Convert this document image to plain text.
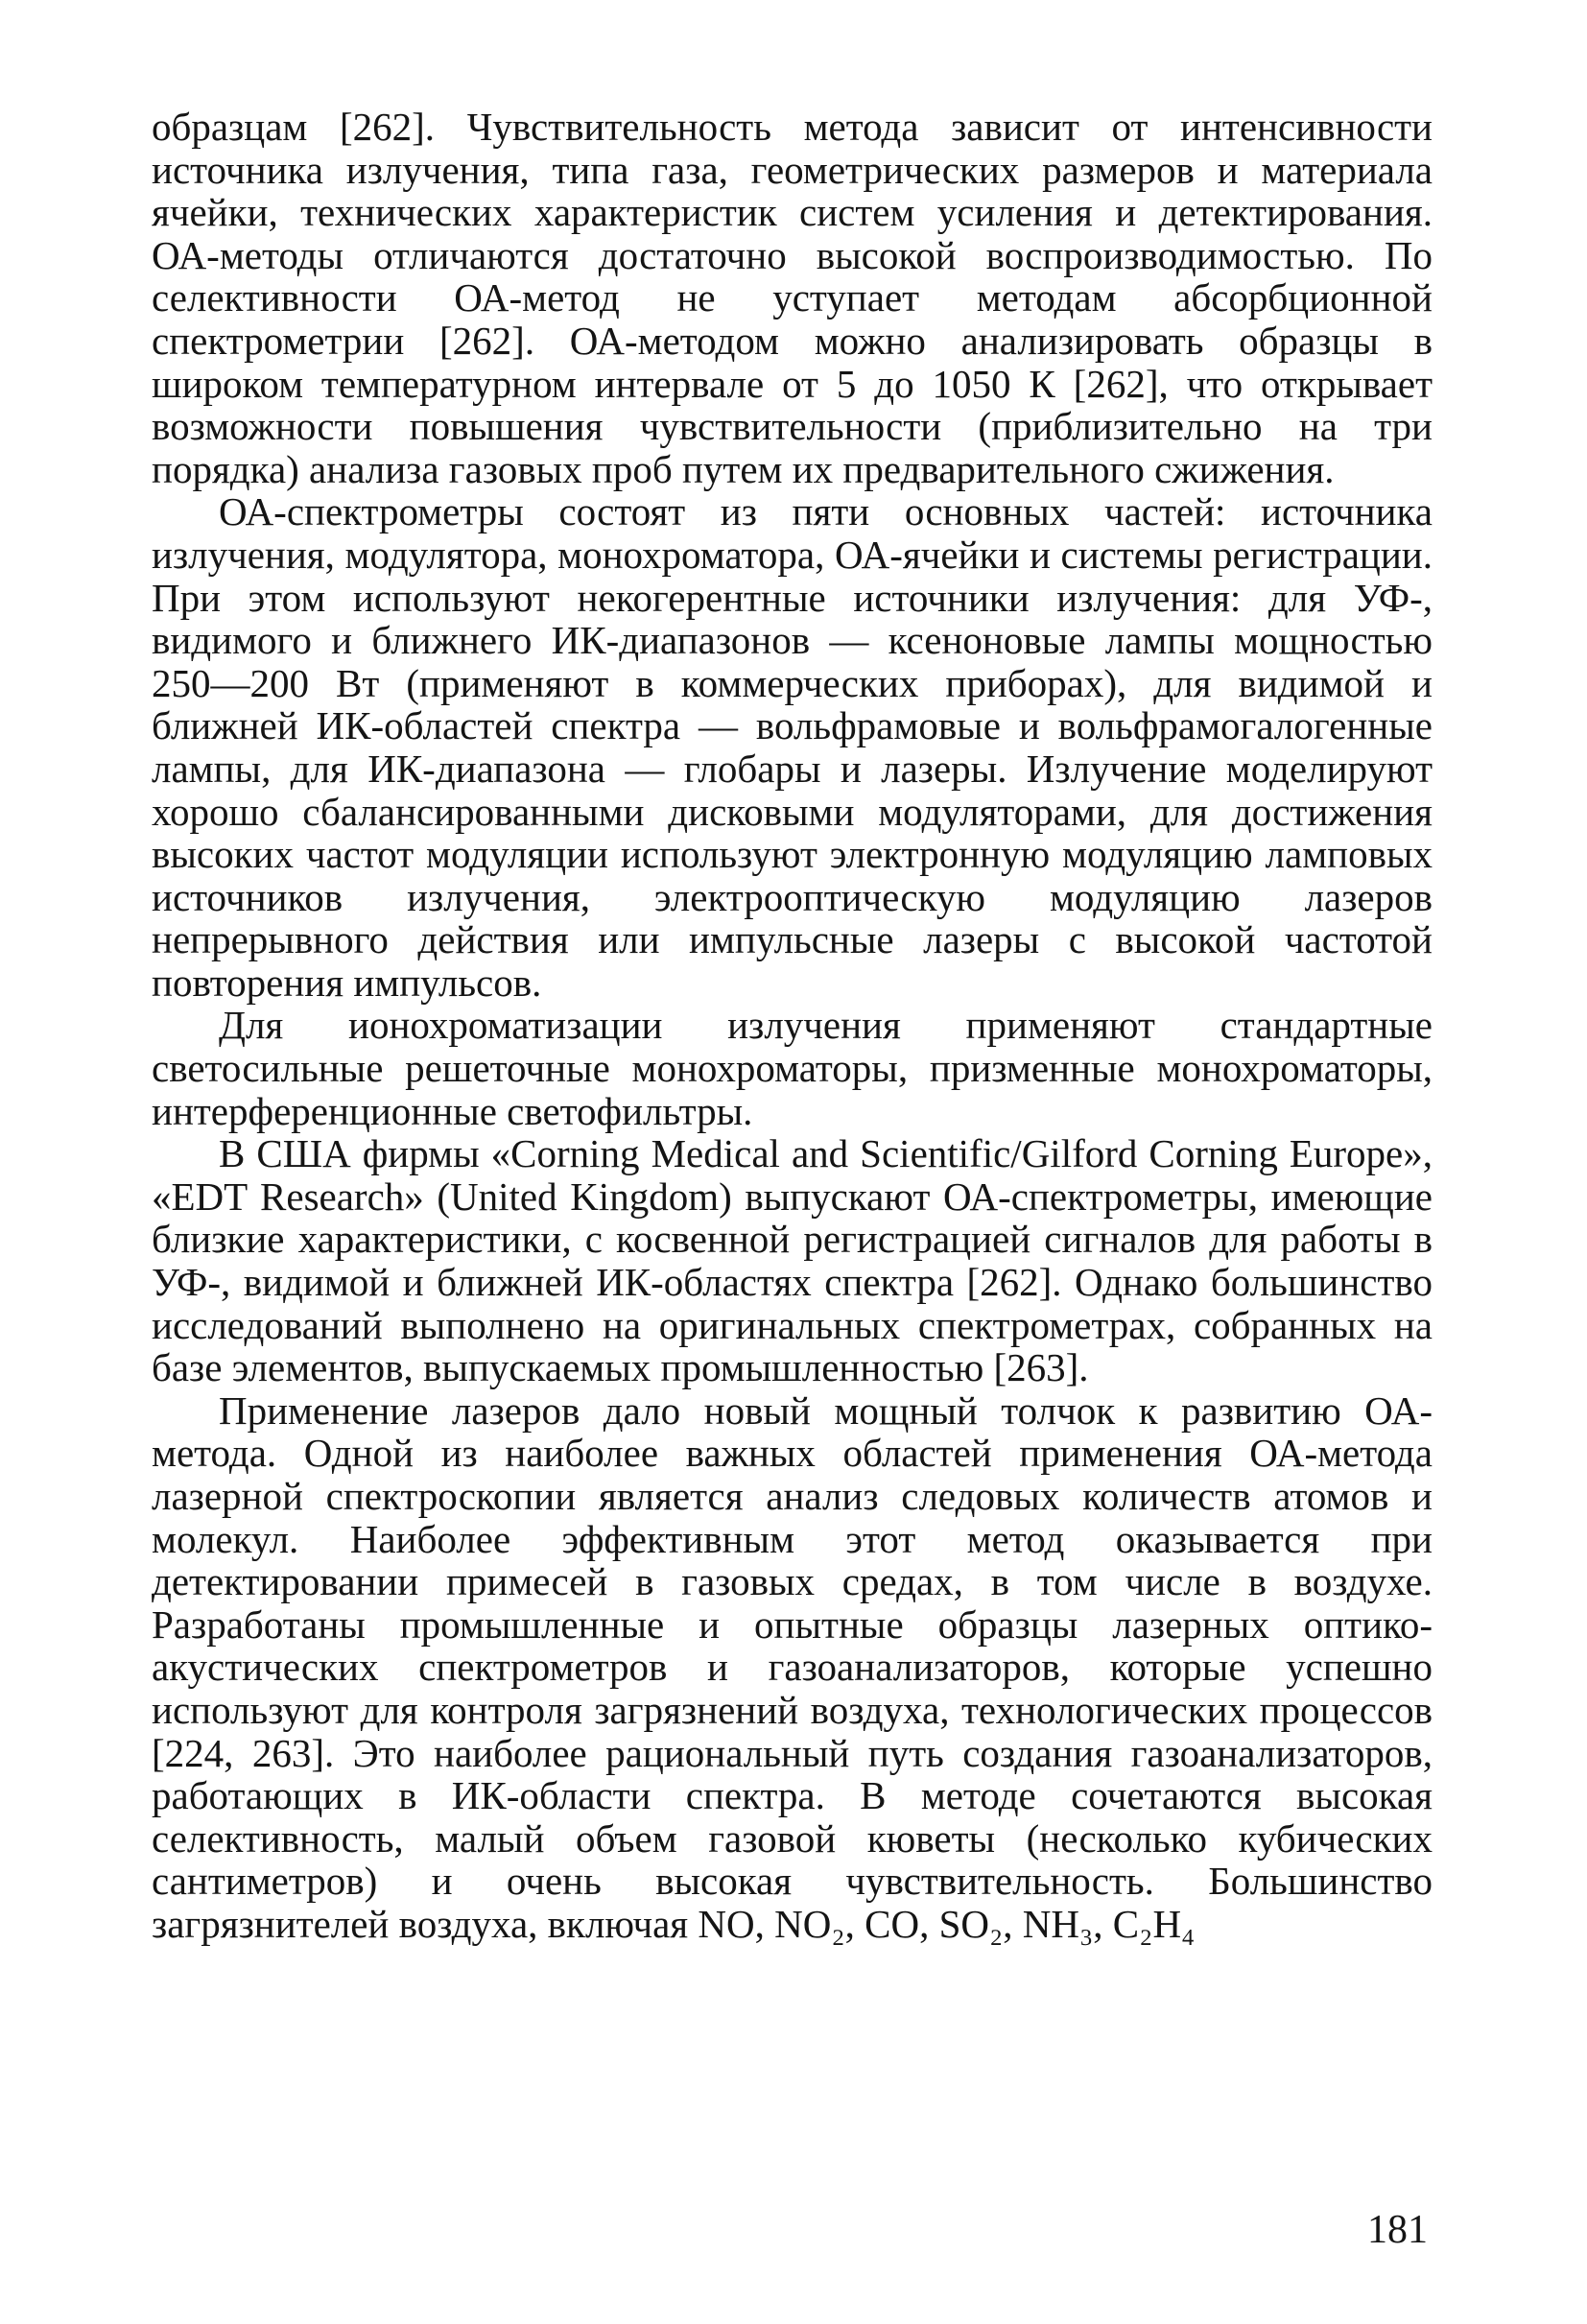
образцам [262]. Чувствительность метода зависит от интенсивности источника излучения, типа газа, геометрических размеров и материала ячейки, технических характеристик систем усиления и детектирования. ОА-методы отличаются достаточно высокой воспроизводимостью. По селективности ОА-метод не уступает методам абсорбционной спектрометрии [262]. ОА-методом можно анализировать образцы в широком температурном интервале от 5 до 1050 К [262], что открывает возможности повышения чувствительности (приблизительно на три порядка) анализа газовых проб путем их предварительного сжижения.

ОА-спектрометры состоят из пяти основных частей: источника излучения, модулятора, монохроматора, ОА-ячейки и системы регистрации. При этом используют некогерентные источники излучения: для УФ-, видимого и ближнего ИК-диапазонов — ксеноновые лампы мощностью 250—200 Вт (применяют в коммерческих приборах), для видимой и ближней ИК-областей спектра — вольфрамовые и вольфрамогалогенные лампы, для ИК-диапазона — глобары и лазеры. Излучение моделируют хорошо сбалансированными дисковыми модуляторами, для достижения высоких частот модуляции используют электронную модуляцию ламповых источников излучения, электрооптическую модуляцию лазеров непрерывного действия или импульсные лазеры с высокой частотой повторения импульсов.

Для ионохроматизации излучения применяют стандартные светосильные решеточные монохроматоры, призменные монохроматоры, интерференционные светофильтры.

В США фирмы «Corning Medical and Scientific/Gilford Corning Europe», «EDT Research» (United Kingdom) выпускают ОА-спектрометры, имеющие близкие характеристики, с косвенной регистрацией сигналов для работы в УФ-, видимой и ближней ИК-областях спектра [262]. Однако большинство исследований выполнено на оригинальных спектрометрах, собранных на базе элементов, выпускаемых промышленностью [263].

Применение лазеров дало новый мощный толчок к развитию ОА-метода. Одной из наиболее важных областей применения ОА-метода лазерной спектроскопии является анализ следовых количеств атомов и молекул. Наиболее эффективным этот метод оказывается при детектировании примесей в газовых средах, в том числе в воздухе. Разработаны промышленные и опытные образцы лазерных оптико-акустических спектрометров и газоанализаторов, которые успешно используют для контроля загрязнений воздуха, технологических процессов [224, 263]. Это наиболее рациональный путь создания газоанализаторов, работающих в ИК-области спектра. В методе сочетаются высокая селективность, малый объем газовой кюветы (несколько кубических сантиметров) и очень высокая чувствительность. Большинство загрязнителей воздуха, включая NO, NO₂, CO, SO₂, NH₃, C₂H₄

181
